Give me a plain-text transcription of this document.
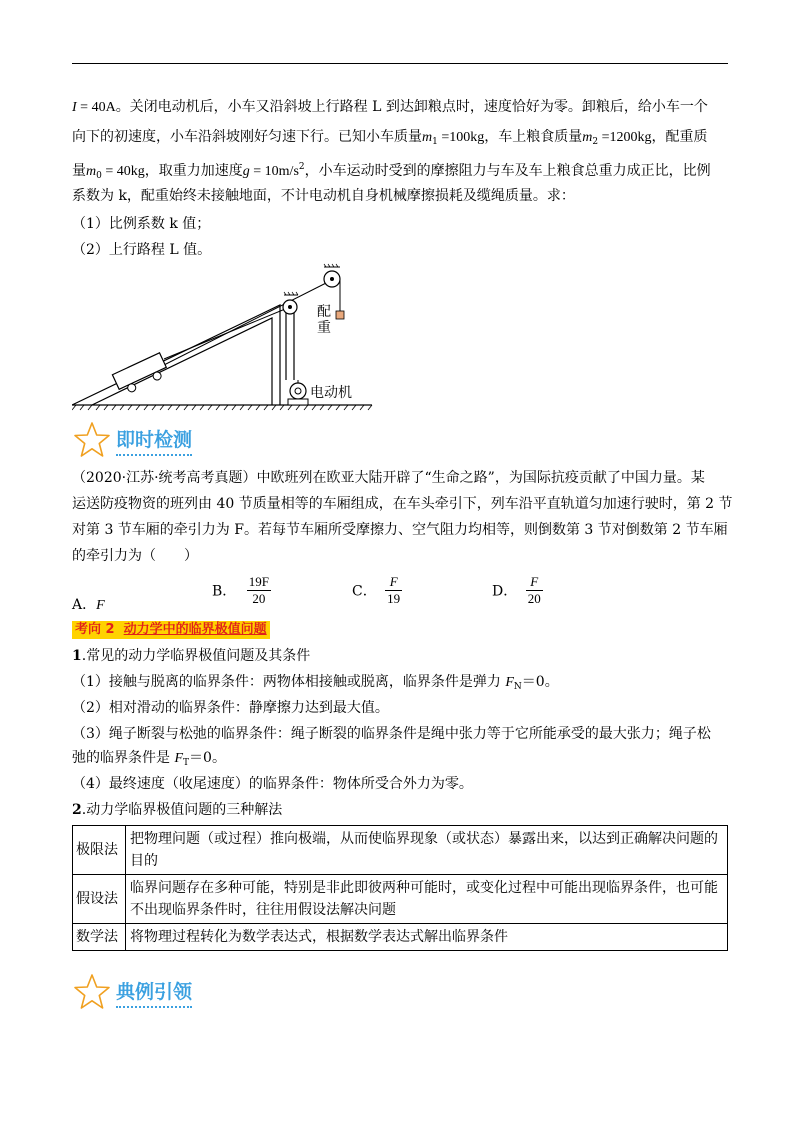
I = 40A。关闭电动机后，小车又沿斜坡上行路程 L 到达卸粮点时，速度恰好为零。卸粮后，给小车一个
向下的初速度，小车沿斜坡刚好匀速下行。已知小车质量$m_1 =100kg$，车上粮食质量$m_2 =1200kg$，配重质
量$m_0 = 40kg$，取重力加速度$g = 10m/s^2$，小车运动时受到的摩擦阻力与车及车上粮食总重力成正比，比例
系数为 k，配重始终未接触地面，不计电动机自身机械摩擦损耗及缆绳质量。求：
（1）比例系数 k 值；
（2）上行路程 L 值。
配
重
电动机
即时检测
（2020·江苏·统考高考真题）中欧班列在欧亚大陆开辟了“生命之路”，为国际抗疫贡献了中国力量。某
运送防疫物资的班列由 40 节质量相等的车厢组成，在车头牵引下，列车沿平直轨道匀加速行驶时，第 2 节
对第 3 节车厢的牵引力为 F。若每节车厢所受摩擦力、空气阻力均相等，则倒数第 3 节对倒数第 2 节车厢
的牵引力为（　　）
A．F
B． $\frac{19F}{20}$	C． $\frac{F}{19}$	D． $\frac{F}{20}$
考向 2 动力学中的临界极值问题
1.常见的动力学临界极值问题及其条件
（1）接触与脱离的临界条件：两物体相接触或脱离，临界条件是弹力 $F_N=0$。
（2）相对滑动的临界条件：静摩擦力达到最大值。
（3）绳子断裂与松弛的临界条件：绳子断裂的临界条件是绳中张力等于它所能承受的最大张力；绳子松
弛的临界条件是 $F_T=0$。
（4）最终速度（收尾速度）的临界条件：物体所受合外力为零。
2.动力学临界极值问题的三种解法
极限法	把物理问题（或过程）推向极端，从而使临界现象（或状态）暴露出来，以达到正确解决问题的目的
假设法	临界问题存在多种可能，特别是非此即彼两种可能时，或变化过程中可能出现临界条件，也可能不出现临界条件时，往往用假设法解决问题
数学法	将物理过程转化为数学表达式，根据数学表达式解出临界条件
典例引领
